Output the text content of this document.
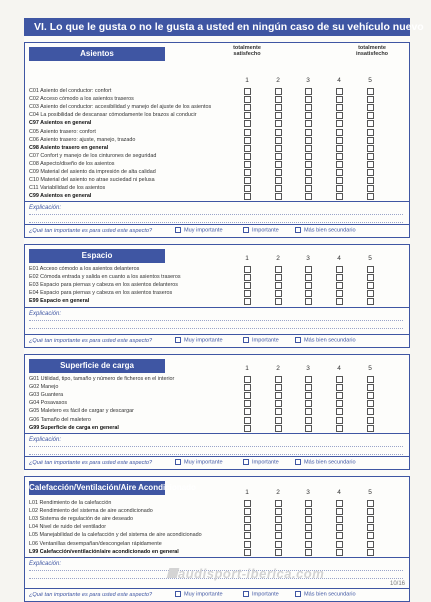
VI. Lo que le gusta o no le gusta a usted en ningún caso de su vehículo nuevo
Asientos
totalmente satisfecho
totalmente insatisfecho
1	2	3	4	5
C01 Asiento del conductor: confort
C02 Acceso cómodo a los asientos traseros
C03 Asiento del conductor: accesibilidad y manejo del ajuste de los asientos
C04 La posibilidad de descansar cómodamente los brazos al conducir
C97 Asientos en general
C05 Asiento trasero: confort
C06 Asiento trasero: ajuste, manejo, trazado
C98 Asiento trasero en general
C07 Confort y manejo de los cinturones de seguridad
C08 Aspecto/diseño de los asientos
C09 Material del asiento da impresión de alta calidad
C10 Material del asiento no atrae suciedad ni pelusa
C11 Variabilidad de los asientos
C99 Asientos en general
Explicación:
¿Qué tan importante es para usted este aspecto?	Muy importante	Importante	Más bien secundario
Espacio	1	2	3	4	5
E01 Acceso cómodo a los asientos delanteros
E02 Cómoda entrada y salida en cuanto a los asientos traseros
E03 Espacio para piernas y cabeza en los asientos delanteros
E04 Espacio para piernas y cabeza en los asientos traseros
E99 Espacio en general
Explicación:
¿Qué tan importante es para usted este aspecto?	Muy importante	Importante	Más bien secundario
Superficie de carga	1	2	3	4	5
G01 Utilidad, tipo, tamaño y número de ficheros en el interior
G02 Manejo
G03 Guantera
G04 Posavasos
G05 Maletero es fácil de cargar y descargar
G06 Tamaño del maletero
G99 Superficie de carga en general
Explicación:
¿Qué tan importante es para usted este aspecto?	Muy importante	Importante	Más bien secundario
Calefacción/Ventilación/Aire Acondicionado
1	2	3	4	5
L01 Rendimiento de la calefacción
L02 Rendimiento del sistema de aire acondicionado
L03 Sistema de regulación de aire deseado
L04 Nivel de ruido del ventilador
L05 Manejabilidad de la calefacción y del sistema de aire acondicionado
L06 Ventanillas desempañan/descongelan rápidamente
L99 Calefacción/ventilación/aire acondicionado en general
Explicación:
¿Qué tan importante es para usted este aspecto?	Muy importante	Importante	Más bien secundario
audisport-iberica.com
10/16
